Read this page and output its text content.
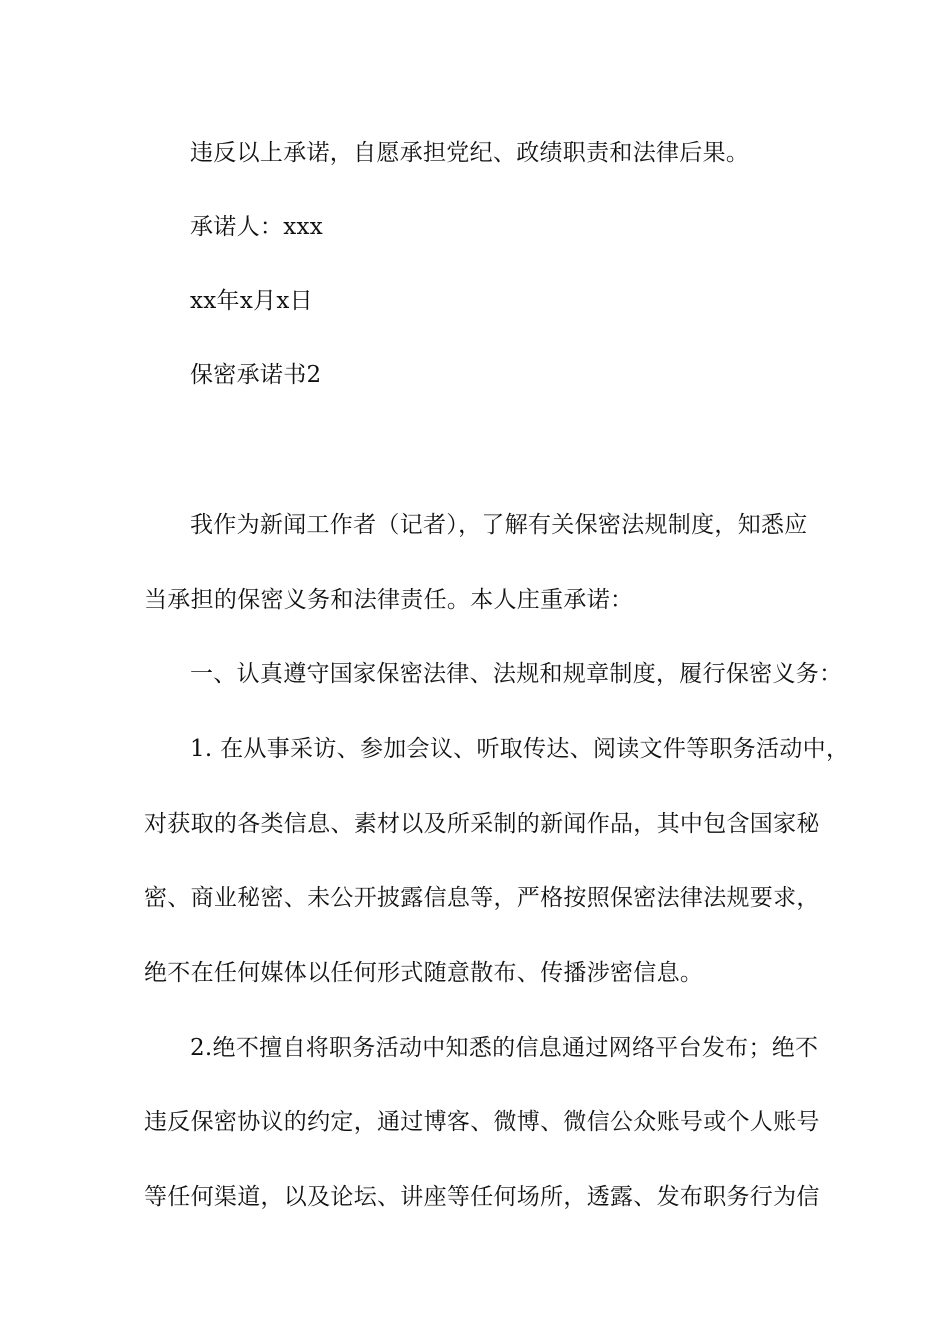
违反以上承诺，自愿承担党纪、政绩职责和法律后果。
承诺人：xxx
xx年x月x日
保密承诺书2
我作为新闻工作者（记者），了解有关保密法规制度，知悉应
当承担的保密义务和法律责任。本人庄重承诺：
一、认真遵守国家保密法律、法规和规章制度，履行保密义务：
1. 在从事采访、参加会议、听取传达、阅读文件等职务活动中，
对获取的各类信息、素材以及所采制的新闻作品，其中包含国家秘
密、商业秘密、未公开披露信息等，严格按照保密法律法规要求，
绝不在任何媒体以任何形式随意散布、传播涉密信息。
2.绝不擅自将职务活动中知悉的信息通过网络平台发布；绝不
违反保密协议的约定，通过博客、微博、微信公众账号或个人账号
等任何渠道，以及论坛、讲座等任何场所，透露、发布职务行为信
